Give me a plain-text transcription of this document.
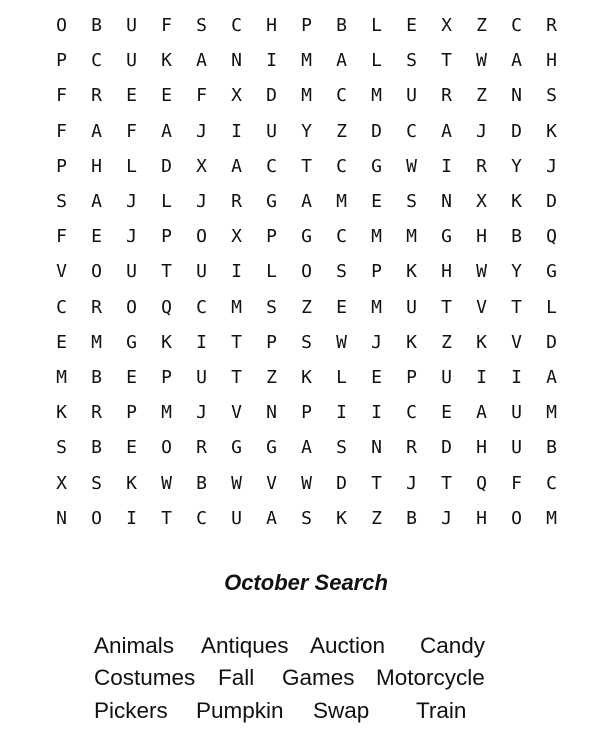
O	B	U	F	S	C	H	P	B	L	E	X	Z	C	R
P	C	U	K	A	N	I	M	A	L	S	T	W	A	H
F	R	E	E	F	X	D	M	C	M	U	R	Z	N	S
F	A	F	A	J	I	U	Y	Z	D	C	A	J	D	K
P	H	L	D	X	A	C	T	C	G	W	I	R	Y	J
S	A	J	L	J	R	G	A	M	E	S	N	X	K	D
F	E	J	P	O	X	P	G	C	M	M	G	H	B	Q
V	O	U	T	U	I	L	O	S	P	K	H	W	Y	G
C	R	O	Q	C	M	S	Z	E	M	U	T	V	T	L
E	M	G	K	I	T	P	S	W	J	K	Z	K	V	D
M	B	E	P	U	T	Z	K	L	E	P	U	I	I	A
K	R	P	M	J	V	N	P	I	I	C	E	A	U	M
S	B	E	O	R	G	G	A	S	N	R	D	H	U	B
X	S	K	W	B	W	V	W	D	T	J	T	Q	F	C
N	O	I	T	C	U	A	S	K	Z	B	J	H	O	M
October Search
Animals Antiques Auction Candy
Costumes Fall Games Motorcycle
Pickers Pumpkin Swap Train
